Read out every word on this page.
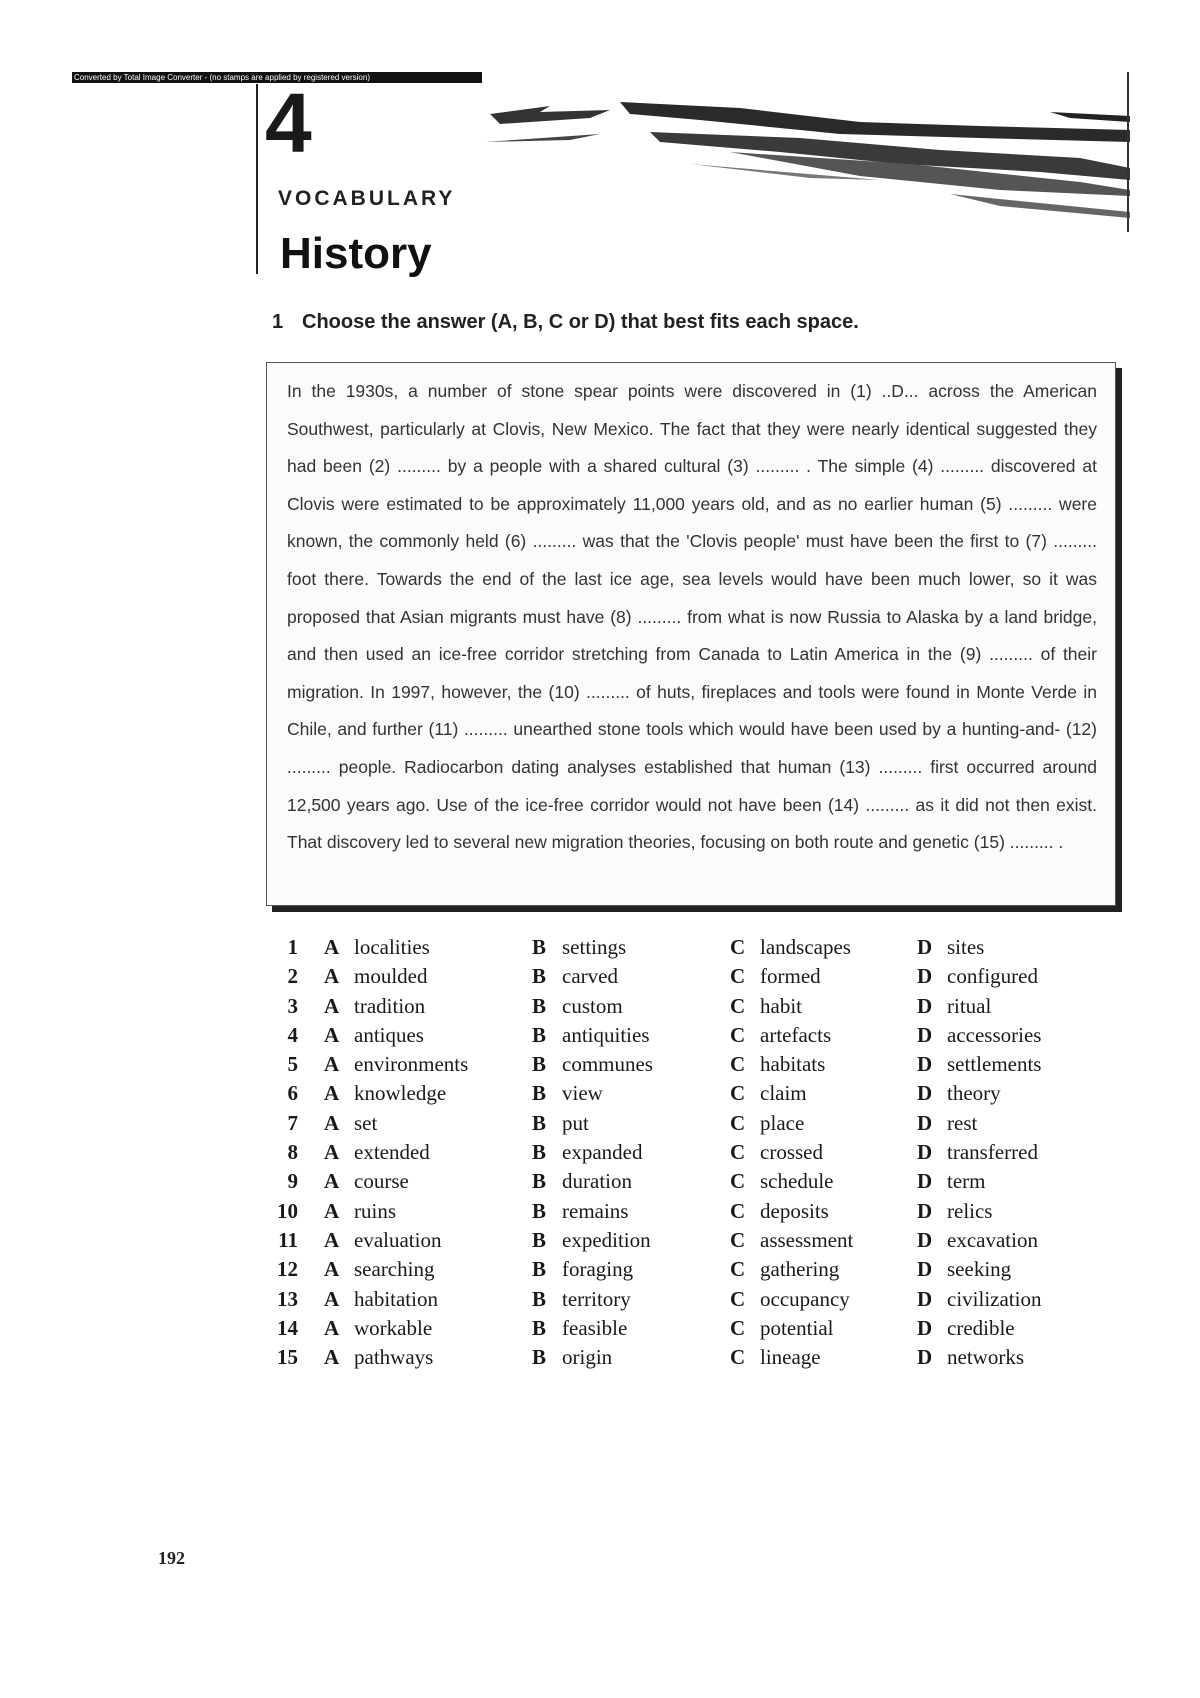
Converted by Total Image Converter - (no stamps are applied by registered version)
4
VOCABULARY
History
1 Choose the answer (A, B, C or D) that best fits each space.
In the 1930s, a number of stone spear points were discovered in (1) ..D... across the American Southwest, particularly at Clovis, New Mexico. The fact that they were nearly identical suggested they had been (2) ......... by a people with a shared cultural (3) ......... . The simple (4) ......... discovered at Clovis were estimated to be approximately 11,000 years old, and as no earlier human (5) ......... were known, the commonly held (6) ......... was that the 'Clovis people' must have been the first to (7) ......... foot there. Towards the end of the last ice age, sea levels would have been much lower, so it was proposed that Asian migrants must have (8) ......... from what is now Russia to Alaska by a land bridge, and then used an ice-free corridor stretching from Canada to Latin America in the (9) ......... of their migration. In 1997, however, the (10) ......... of huts, fireplaces and tools were found in Monte Verde in Chile, and further (11) ......... unearthed stone tools which would have been used by a hunting-and- (12) ......... people. Radiocarbon dating analyses established that human (13) ......... first occurred around 12,500 years ago. Use of the ice-free corridor would not have been (14) ......... as it did not then exist. That discovery led to several new migration theories, focusing on both route and genetic (15) ......... .
1 A localities	B settings	C landscapes	D sites
2 A moulded	B carved	C formed	D configured
3 A tradition	B custom	C habit	D ritual
4 A antiques	B antiquities	C artefacts	D accessories
5 A environments	B communes	C habitats	D settlements
6 A knowledge	B view	C claim	D theory
7 A set	B put	C place	D rest
8 A extended	B expanded	C crossed	D transferred
9 A course	B duration	C schedule	D term
10 A ruins	B remains	C deposits	D relics
11 A evaluation	B expedition	C assessment	D excavation
12 A searching	B foraging	C gathering	D seeking
13 A habitation	B territory	C occupancy	D civilization
14 A workable	B feasible	C potential	D credible
15 A pathways	B origin	C lineage	D networks
192
